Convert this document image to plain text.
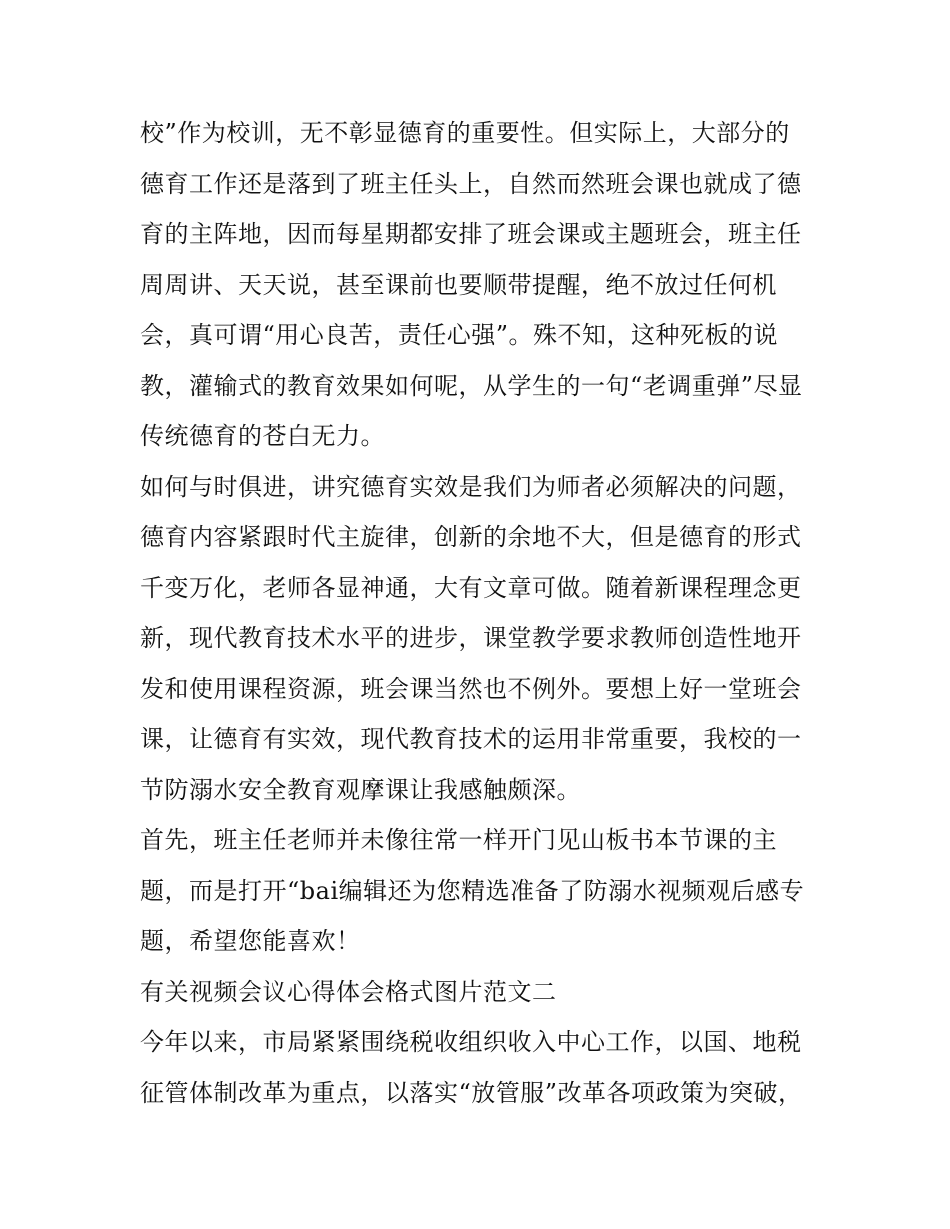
校”作为校训，无不彰显德育的重要性。但实际上，大部分的
德育工作还是落到了班主任头上，自然而然班会课也就成了德
育的主阵地，因而每星期都安排了班会课或主题班会，班主任
周周讲、天天说，甚至课前也要顺带提醒，绝不放过任何机
会，真可谓“用心良苦，责任心强”。殊不知，这种死板的说
教，灌输式的教育效果如何呢，从学生的一句“老调重弹”尽显
传统德育的苍白无力。
如何与时俱进，讲究德育实效是我们为师者必须解决的问题，
德育内容紧跟时代主旋律，创新的余地不大，但是德育的形式
千变万化，老师各显神通，大有文章可做。随着新课程理念更
新，现代教育技术水平的进步，课堂教学要求教师创造性地开
发和使用课程资源，班会课当然也不例外。要想上好一堂班会
课，让德育有实效，现代教育技术的运用非常重要，我校的一
节防溺水安全教育观摩课让我感触颇深。
首先，班主任老师并未像往常一样开门见山板书本节课的主
题，而是打开“bai编辑还为您精选准备了防溺水视频观后感专
题，希望您能喜欢！
有关视频会议心得体会格式图片范文二
今年以来，市局紧紧围绕税收组织收入中心工作，以国、地税
征管体制改革为重点，以落实“放管服”改革各项政策为突破，
